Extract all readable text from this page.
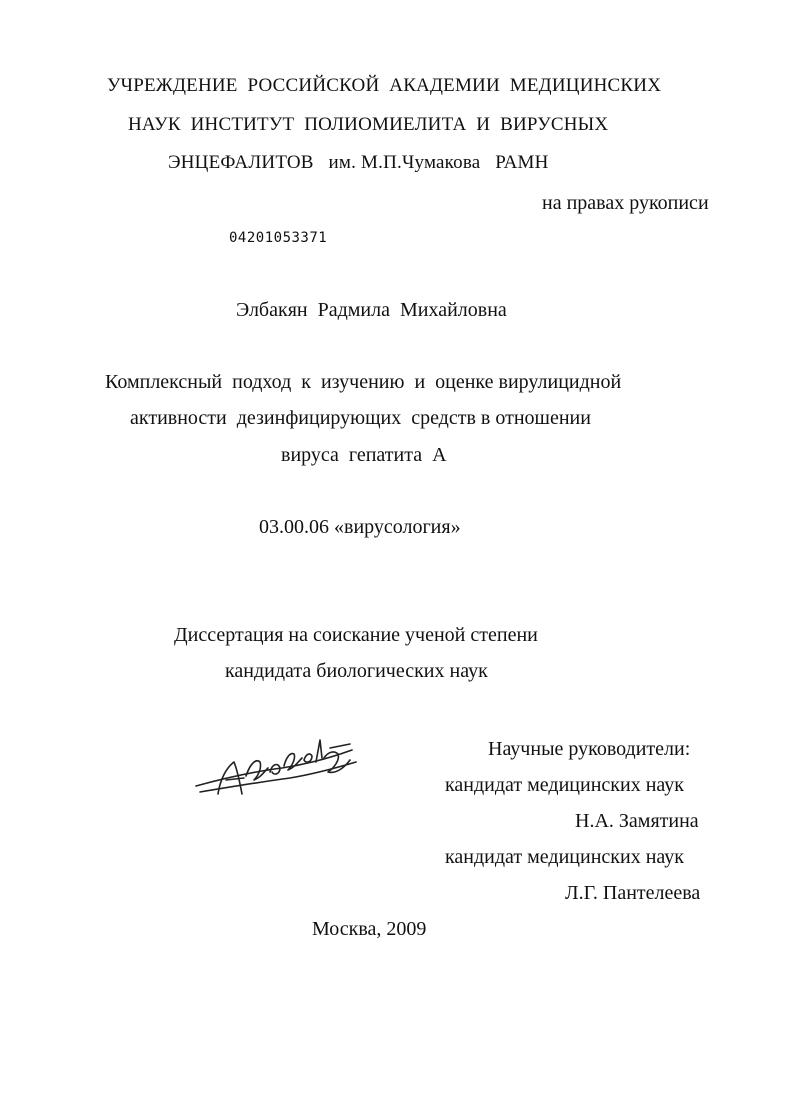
УЧРЕЖДЕНИЕ  РОССИЙСКОЙ  АКАДЕМИИ  МЕДИЦИНСКИХ
НАУК  ИНСТИТУТ  ПОЛИОМИЕЛИТА  И  ВИРУСНЫХ
ЭНЦЕФАЛИТОВ   им. М.П.Чумакова   РАМН
на правах рукописи
04201053371
Элбакян  Радмила  Михайловна
Комплексный  подход  к  изучению  и  оценке вирулицидной
активности  дезинфицирующих  средств в отношении
вируса  гепатита  А
03.00.06 «вирусология»
Диссертация на соискание ученой степени
кандидата биологических наук
Научные руководители:
кандидат медицинских наук
Н.А. Замятина
кандидат медицинских наук
Л.Г. Пантелеева
Москва, 2009
